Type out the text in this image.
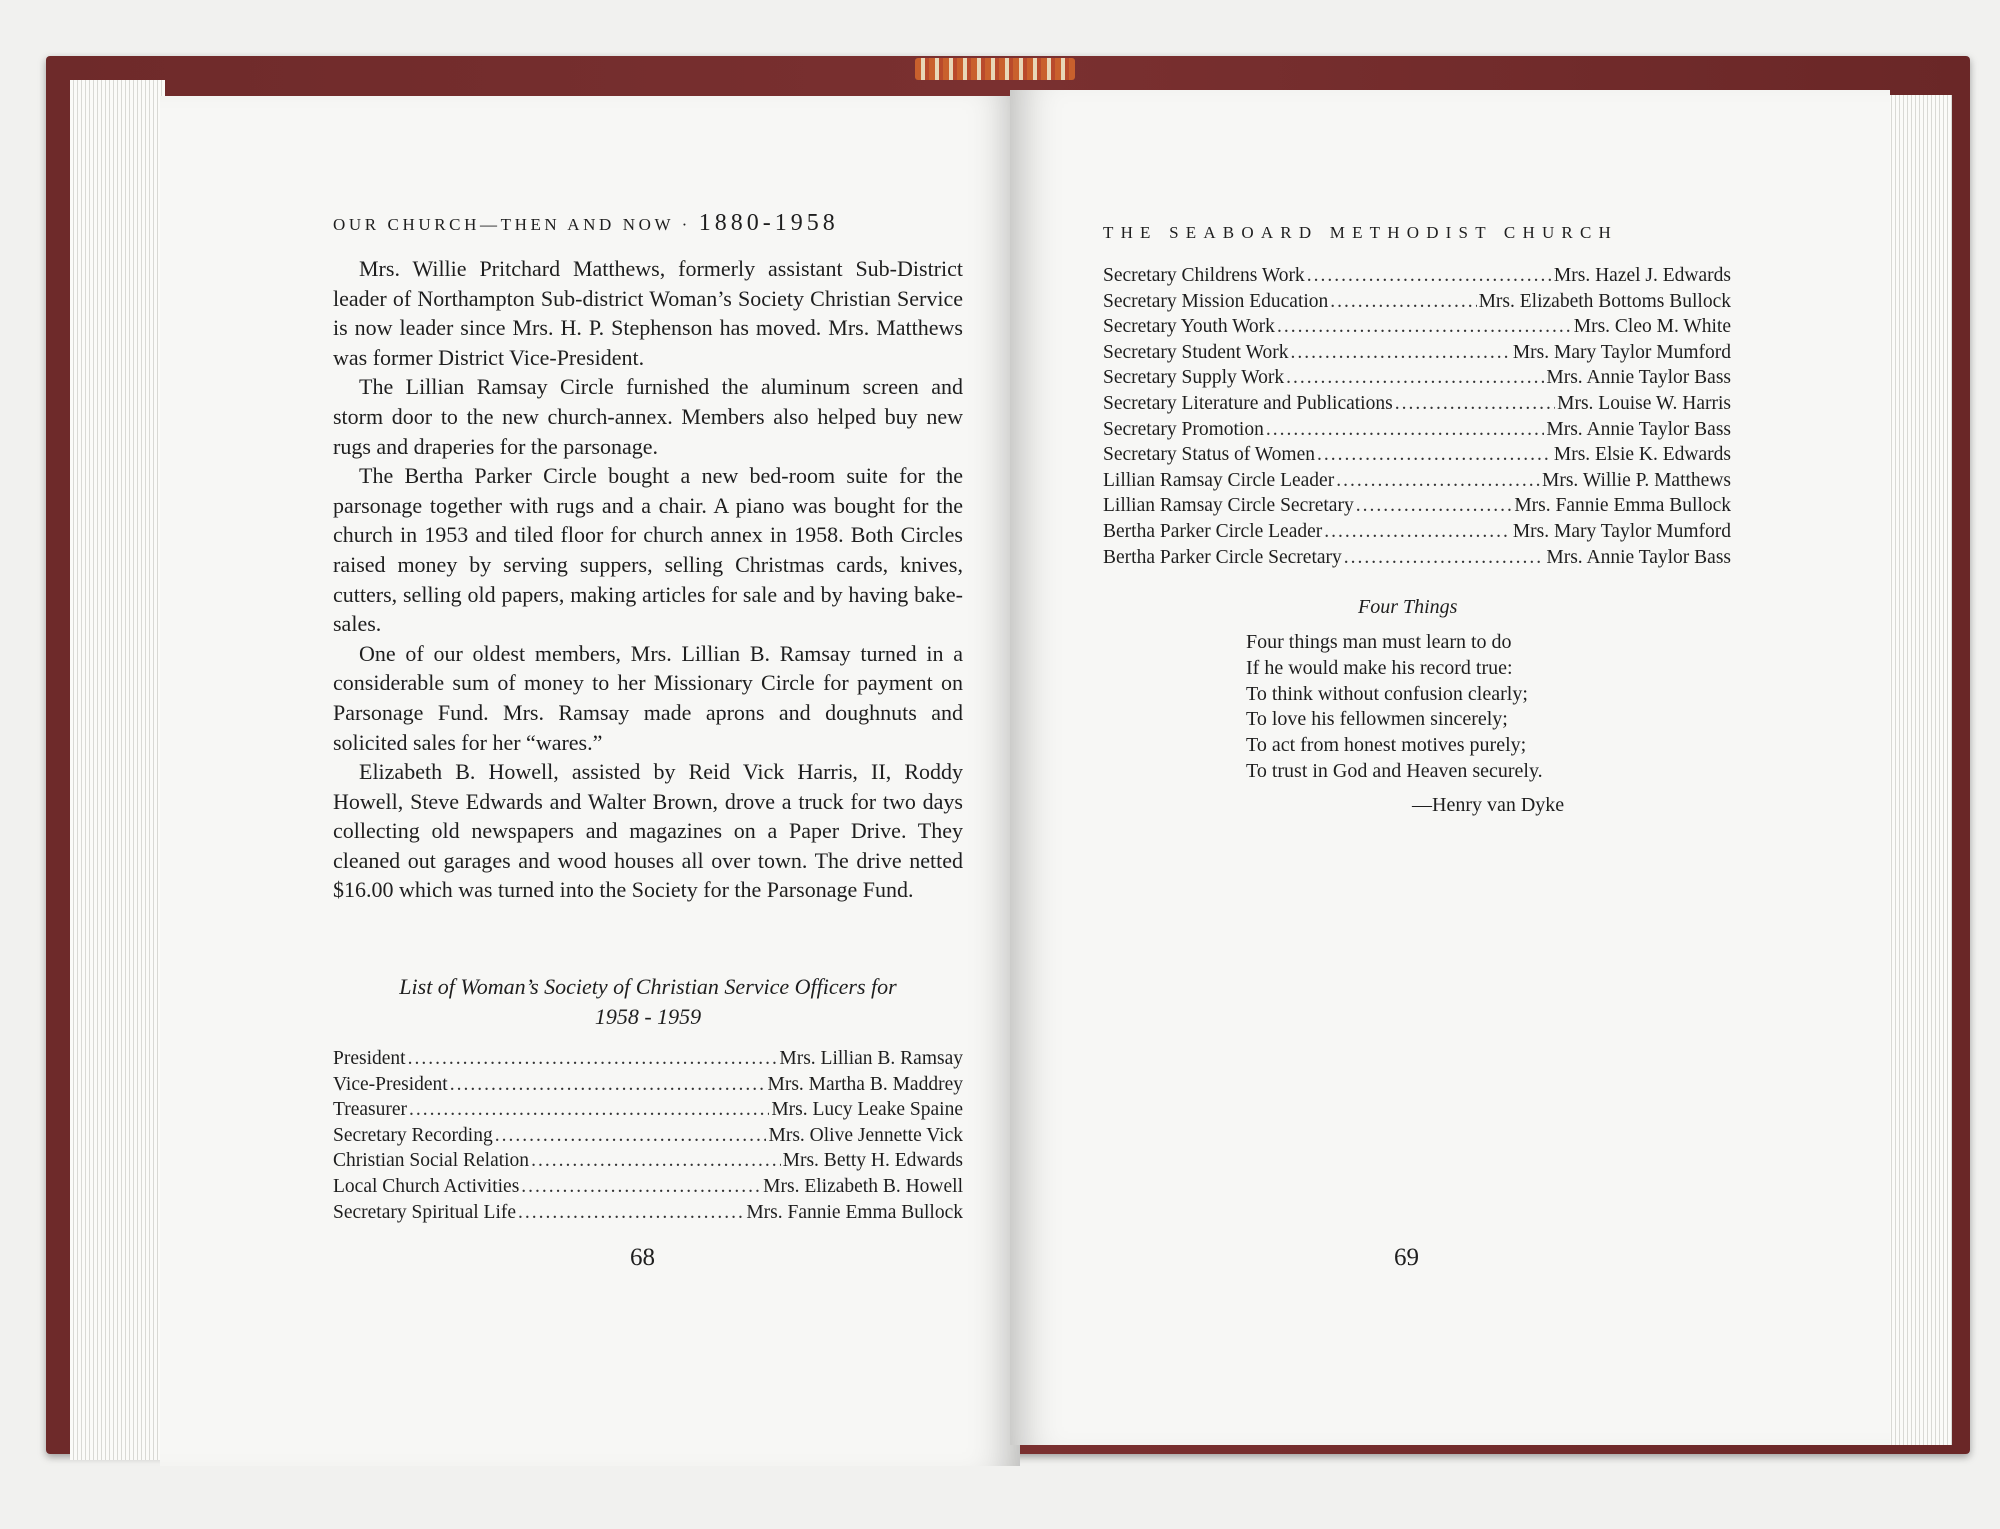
OUR CHURCH—THEN AND NOW · 1880-1958

Mrs. Willie Pritchard Matthews, formerly assistant Sub-District leader of Northampton Sub-district Woman’s Society Christian Service is now leader since Mrs. H. P. Stephenson has moved. Mrs. Matthews was former District Vice-President.

The Lillian Ramsay Circle furnished the aluminum screen and storm door to the new church-annex. Members also helped buy new rugs and draperies for the parsonage.

The Bertha Parker Circle bought a new bed-room suite for the parsonage together with rugs and a chair. A piano was bought for the church in 1953 and tiled floor for church annex in 1958. Both Circles raised money by serving suppers, selling Christmas cards, knives, cutters, selling old papers, making articles for sale and by having bake-sales.

One of our oldest members, Mrs. Lillian B. Ramsay turned in a considerable sum of money to her Missionary Circle for payment on Parsonage Fund. Mrs. Ramsay made aprons and doughnuts and solicited sales for her “wares.”

Elizabeth B. Howell, assisted by Reid Vick Harris, II, Roddy Howell, Steve Edwards and Walter Brown, drove a truck for two days collecting old newspapers and magazines on a Paper Drive. They cleaned out garages and wood houses all over town. The drive netted $16.00 which was turned into the Society for the Parsonage Fund.

List of Woman’s Society of Christian Service Officers for
1958 - 1959
President .....	Mrs. Lillian B. Ramsay
Vice-President .....	Mrs. Martha B. Maddrey
Treasurer .....	Mrs. Lucy Leake Spaine
Secretary Recording .....	Mrs. Olive Jennette Vick
Christian Social Relation .....	Mrs. Betty H. Edwards
Local Church Activities .....	Mrs. Elizabeth B. Howell
Secretary Spiritual Life .....	Mrs. Fannie Emma Bullock
68
THE SEABOARD METHODIST CHURCH
Secretary Childrens Work .....	Mrs. Hazel J. Edwards
Secretary Mission Education .....	Mrs. Elizabeth Bottoms Bullock
Secretary Youth Work .....	Mrs. Cleo M. White
Secretary Student Work .....	Mrs. Mary Taylor Mumford
Secretary Supply Work .....	Mrs. Annie Taylor Bass
Secretary Literature and Publications .....	Mrs. Louise W. Harris
Secretary Promotion .....	Mrs. Annie Taylor Bass
Secretary Status of Women .....	Mrs. Elsie K. Edwards
Lillian Ramsay Circle Leader .....	Mrs. Willie P. Matthews
Lillian Ramsay Circle Secretary .....	Mrs. Fannie Emma Bullock
Bertha Parker Circle Leader .....	Mrs. Mary Taylor Mumford
Bertha Parker Circle Secretary .....	Mrs. Annie Taylor Bass
Four Things
Four things man must learn to do
If he would make his record true:
To think without confusion clearly;
To love his fellowmen sincerely;
To act from honest motives purely;
To trust in God and Heaven securely.
—Henry van Dyke
69
